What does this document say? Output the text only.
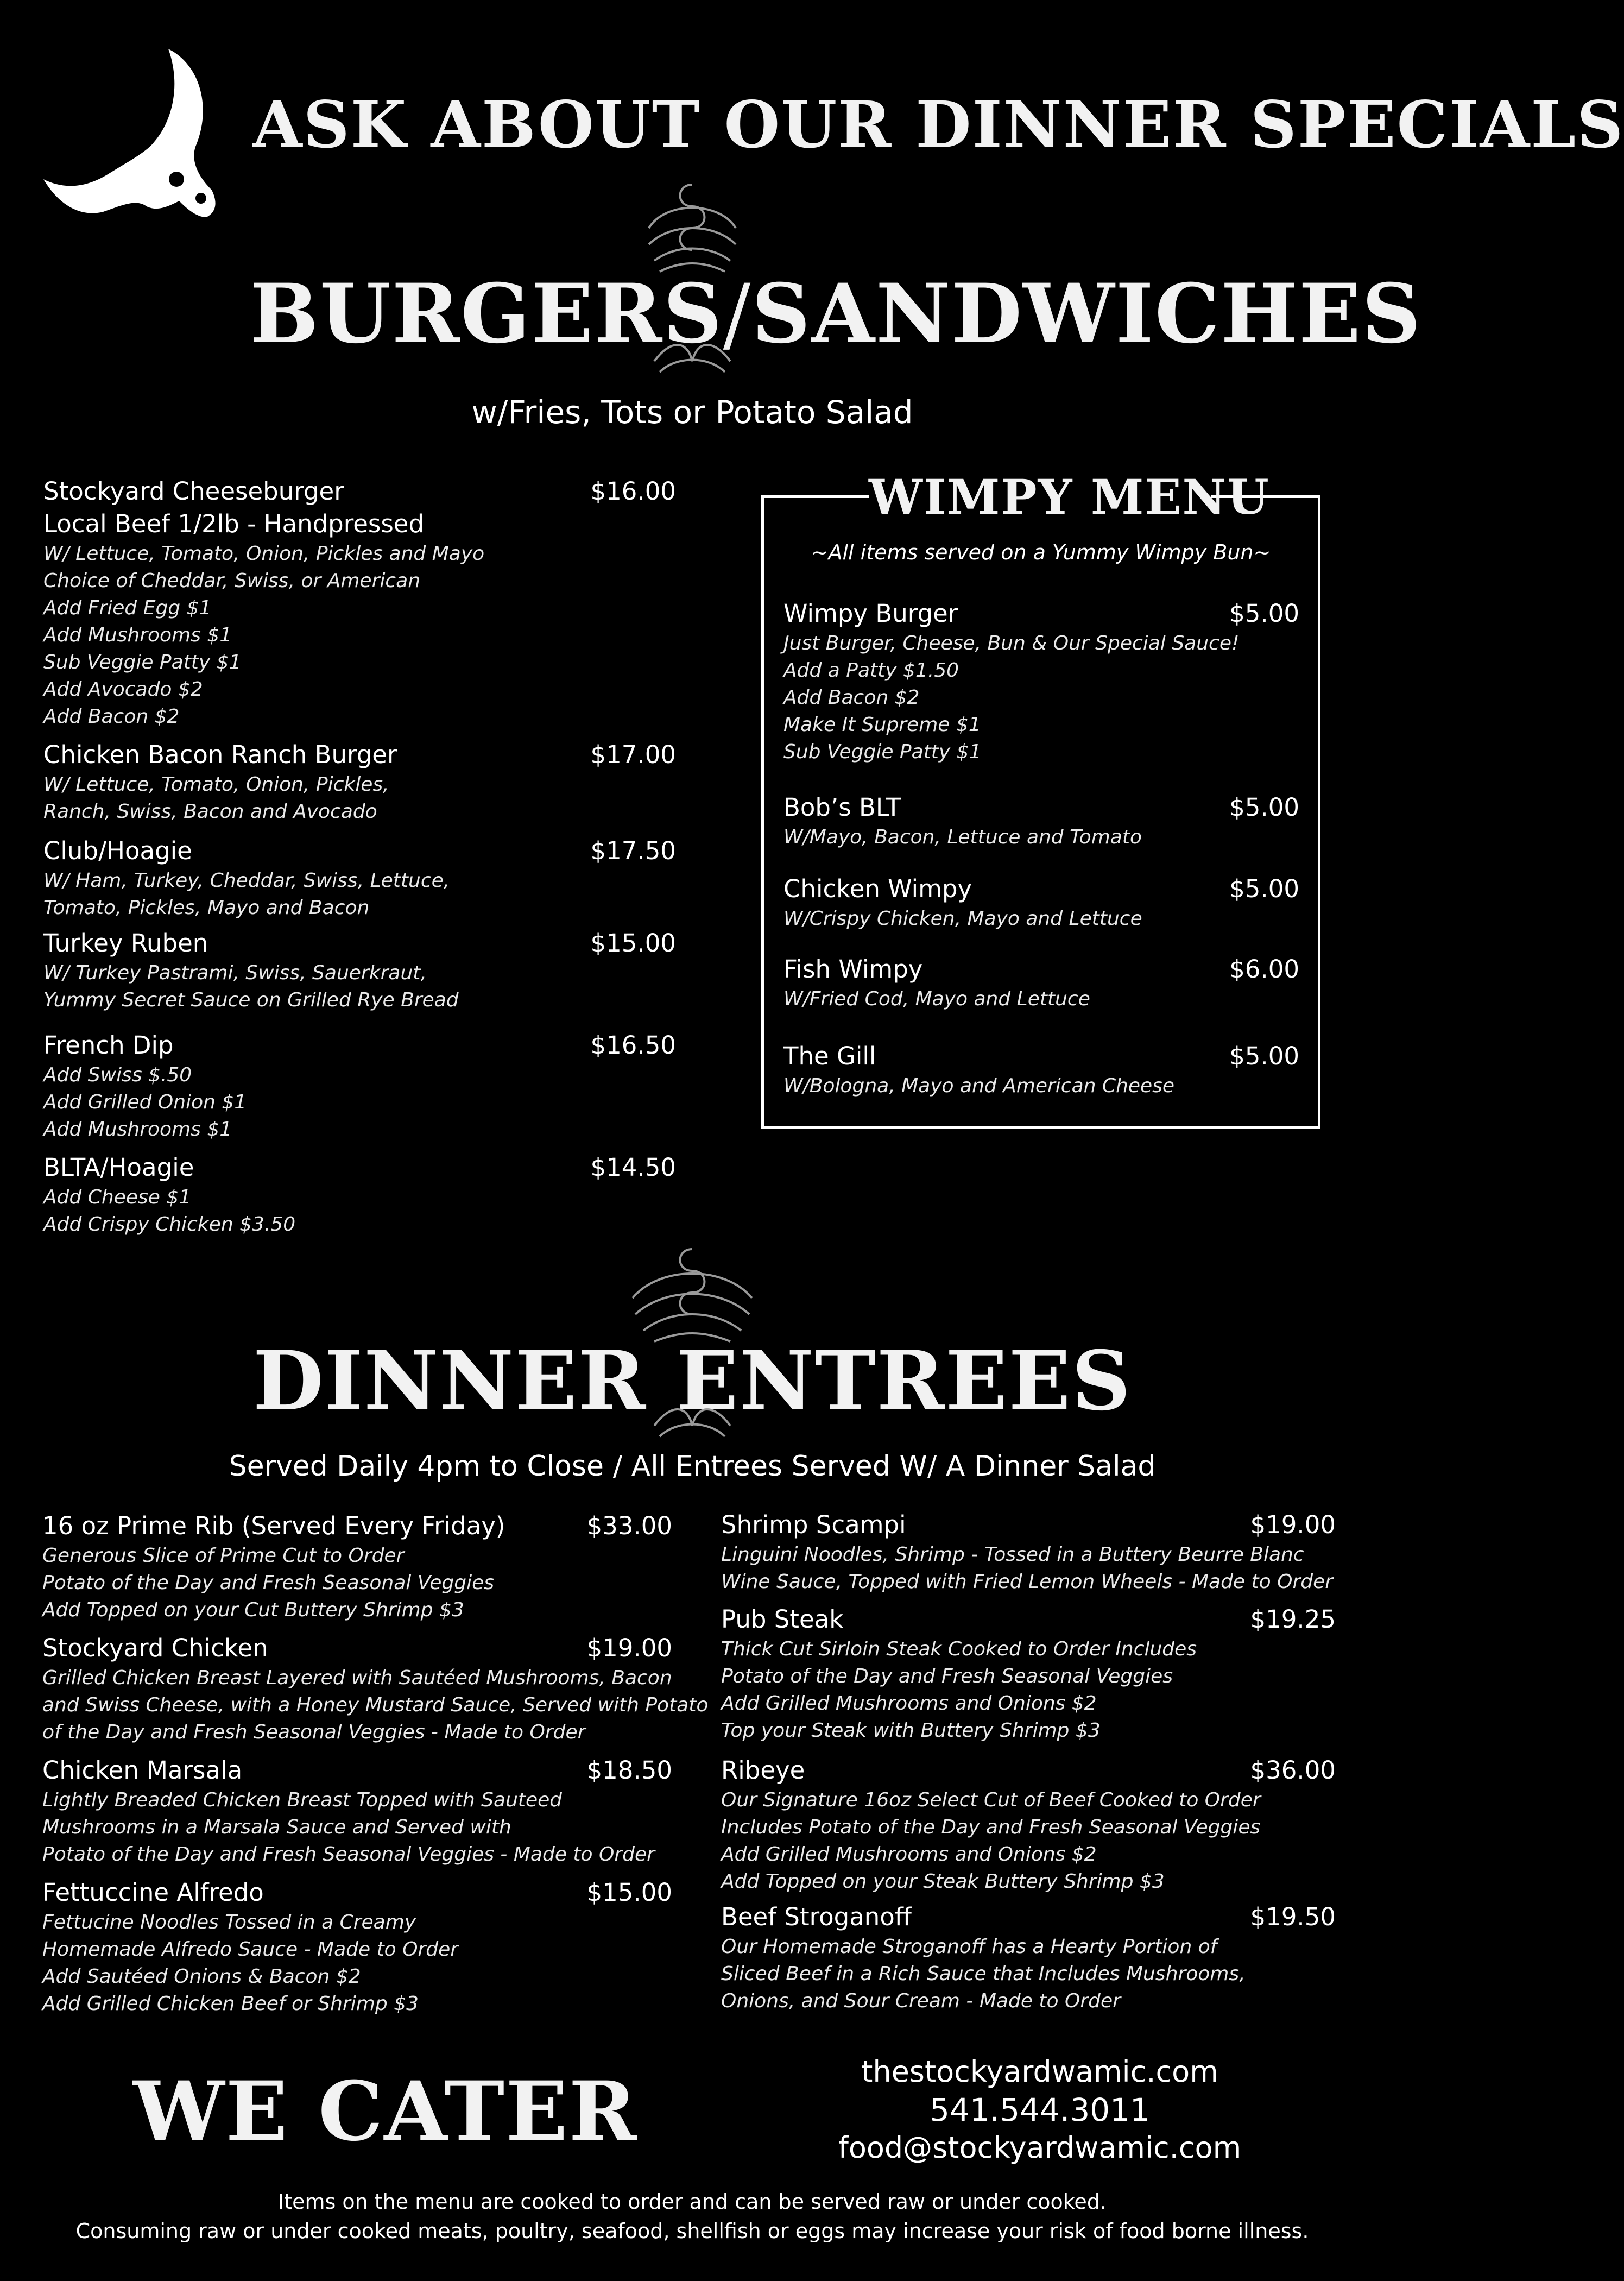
ASK ABOUT OUR DINNER SPECIALS
BURGERS/SANDWICHES
w/Fries, Tots or Potato Salad
Stockyard Cheeseburger	$16.00
Local Beef 1/2lb - Handpressed
W/ Lettuce, Tomato, Onion, Pickles and Mayo
Choice of Cheddar, Swiss, or American
Add Fried Egg $1
Add Mushrooms $1
Sub Veggie Patty $1
Add Avocado $2
Add Bacon $2
Chicken Bacon Ranch Burger	$17.00
W/ Lettuce, Tomato, Onion, Pickles,
Ranch, Swiss, Bacon and Avocado
Club/Hoagie	$17.50
W/ Ham, Turkey, Cheddar, Swiss, Lettuce,
Tomato, Pickles, Mayo and Bacon
Turkey Ruben	$15.00
W/ Turkey Pastrami, Swiss, Sauerkraut,
Yummy Secret Sauce on Grilled Rye Bread
French Dip	$16.50
Add Swiss $.50
Add Grilled Onion $1
Add Mushrooms $1
BLTA/Hoagie	$14.50
Add Cheese $1
Add Crispy Chicken $3.50
WIMPY MENU
~All items served on a Yummy Wimpy Bun~
Wimpy Burger	$5.00
Just Burger, Cheese, Bun & Our Special Sauce!
Add a Patty $1.50
Add Bacon $2
Make It Supreme $1
Sub Veggie Patty $1
Bob’s BLT	$5.00
W/Mayo, Bacon, Lettuce and Tomato
Chicken Wimpy	$5.00
W/Crispy Chicken, Mayo and Lettuce
Fish Wimpy	$6.00
W/Fried Cod, Mayo and Lettuce
The Gill	$5.00
W/Bologna, Mayo and American Cheese
DINNER ENTREES
Served Daily 4pm to Close / All Entrees Served W/ A Dinner Salad
16 oz Prime Rib (Served Every Friday)	$33.00
Generous Slice of Prime Cut to Order
Potato of the Day and Fresh Seasonal Veggies
Add Topped on your Cut Buttery Shrimp $3
Stockyard Chicken	$19.00
Grilled Chicken Breast Layered with Sautéed Mushrooms, Bacon
and Swiss Cheese, with a Honey Mustard Sauce, Served with Potato
of the Day and Fresh Seasonal Veggies - Made to Order
Chicken Marsala	$18.50
Lightly Breaded Chicken Breast Topped with Sauteed
Mushrooms in a Marsala Sauce and Served with
Potato of the Day and Fresh Seasonal Veggies - Made to Order
Fettuccine Alfredo	$15.00
Fettucine Noodles Tossed in a Creamy
Homemade Alfredo Sauce - Made to Order
Add Sautéed Onions & Bacon $2
Add Grilled Chicken Beef or Shrimp $3
Shrimp Scampi	$19.00
Linguini Noodles, Shrimp - Tossed in a Buttery Beurre Blanc
Wine Sauce, Topped with Fried Lemon Wheels - Made to Order
Pub Steak	$19.25
Thick Cut Sirloin Steak Cooked to Order Includes
Potato of the Day and Fresh Seasonal Veggies
Add Grilled Mushrooms and Onions $2
Top your Steak with Buttery Shrimp $3
Ribeye	$36.00
Our Signature 16oz Select Cut of Beef Cooked to Order
Includes Potato of the Day and Fresh Seasonal Veggies
Add Grilled Mushrooms and Onions $2
Add Topped on your Steak Buttery Shrimp $3
Beef Stroganoff	$19.50
Our Homemade Stroganoff has a Hearty Portion of
Sliced Beef in a Rich Sauce that Includes Mushrooms,
Onions, and Sour Cream - Made to Order
WE CATER	thestockyardwamic.com
541.544.3011
food@stockyardwamic.com
Items on the menu are cooked to order and can be served raw or under cooked.
Consuming raw or under cooked meats, poultry, seafood, shellfish or eggs may increase your risk of food borne illness.
